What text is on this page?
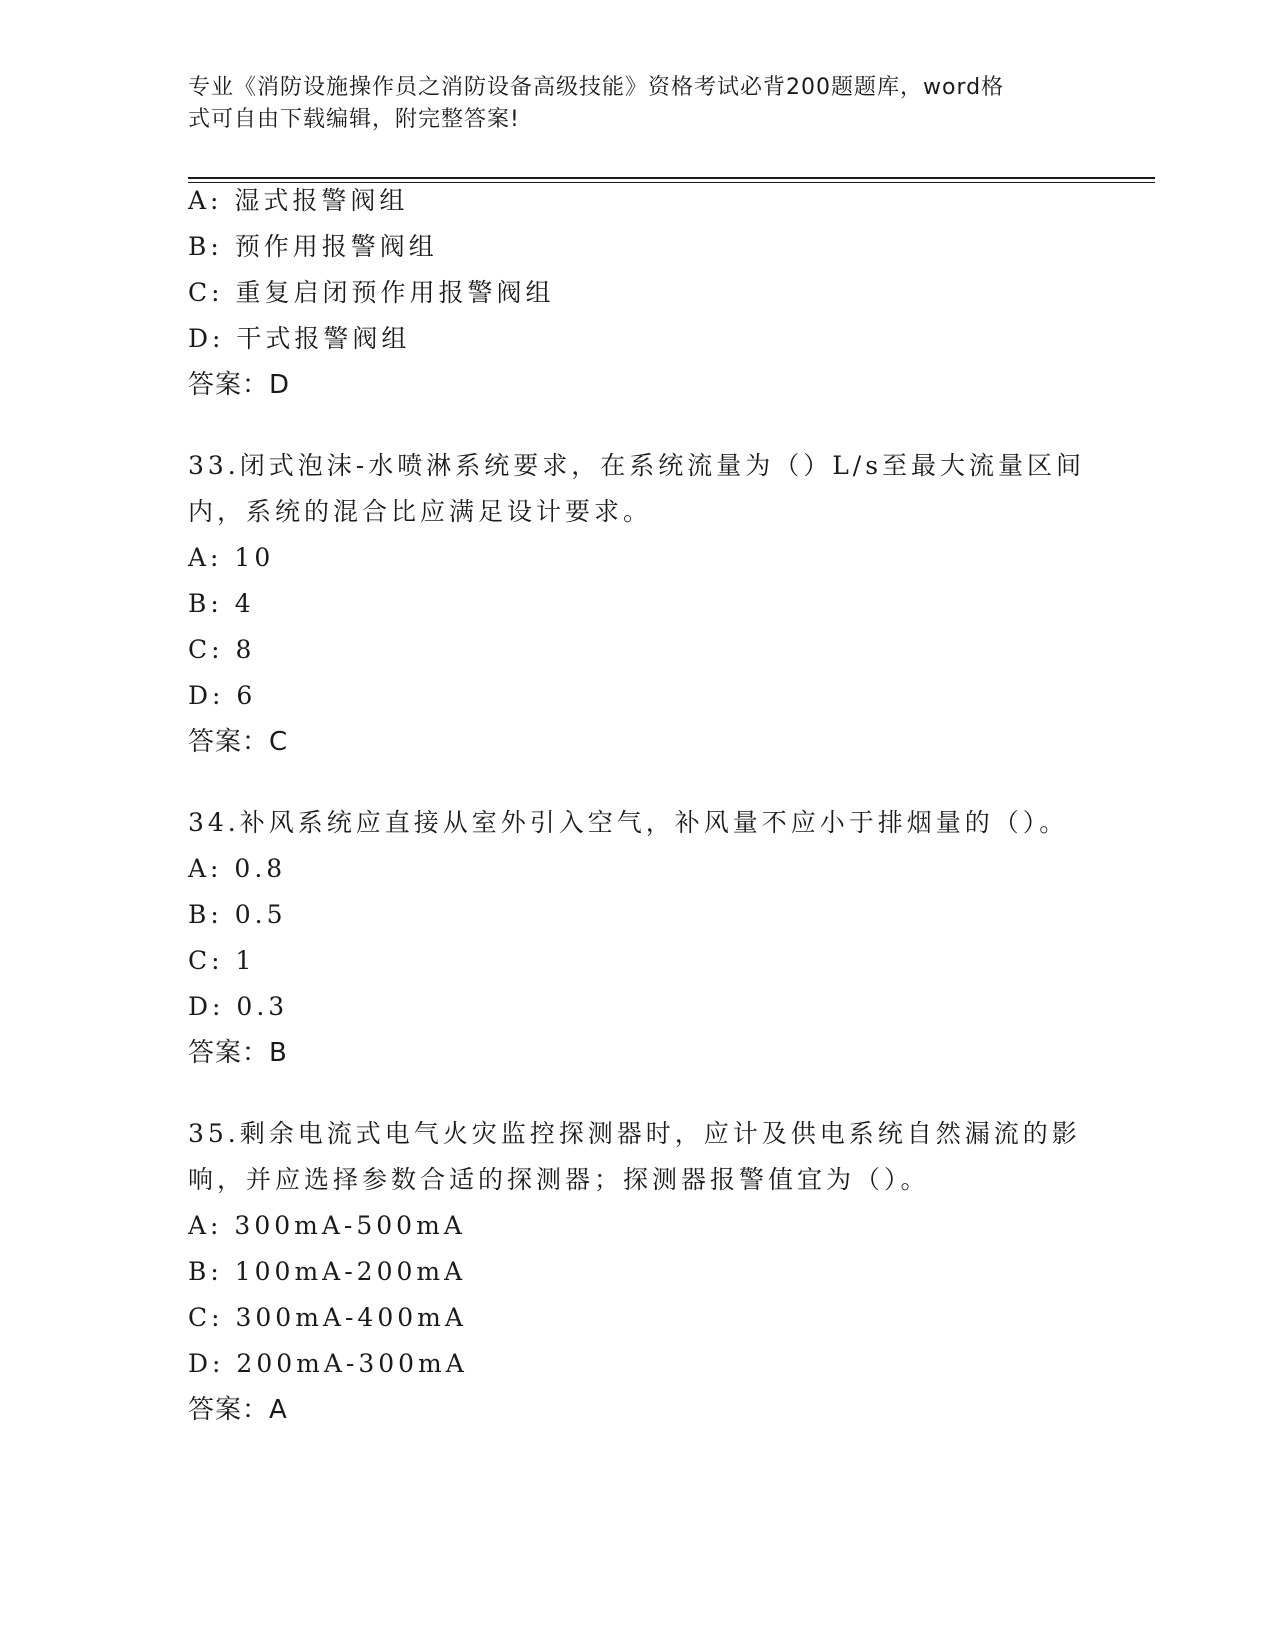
专业《消防设施操作员之消防设备高级技能》资格考试必背200题题库，word格
式可自由下载编辑，附完整答案!
A: 湿式报警阀组
B: 预作用报警阀组
C: 重复启闭预作用报警阀组
D: 干式报警阀组
答案：D
33.闭式泡沫-水喷淋系统要求，在系统流量为（）L/s至最大流量区间
内，系统的混合比应满足设计要求。
A: 10
B: 4
C: 8
D: 6
答案：C
34.补风系统应直接从室外引入空气，补风量不应小于排烟量的（）。
A: 0.8
B: 0.5
C: 1
D: 0.3
答案：B
35.剩余电流式电气火灾监控探测器时，应计及供电系统自然漏流的影
响，并应选择参数合适的探测器；探测器报警值宜为（）。
A: 300mA-500mA
B: 100mA-200mA
C: 300mA-400mA
D: 200mA-300mA
答案：A
